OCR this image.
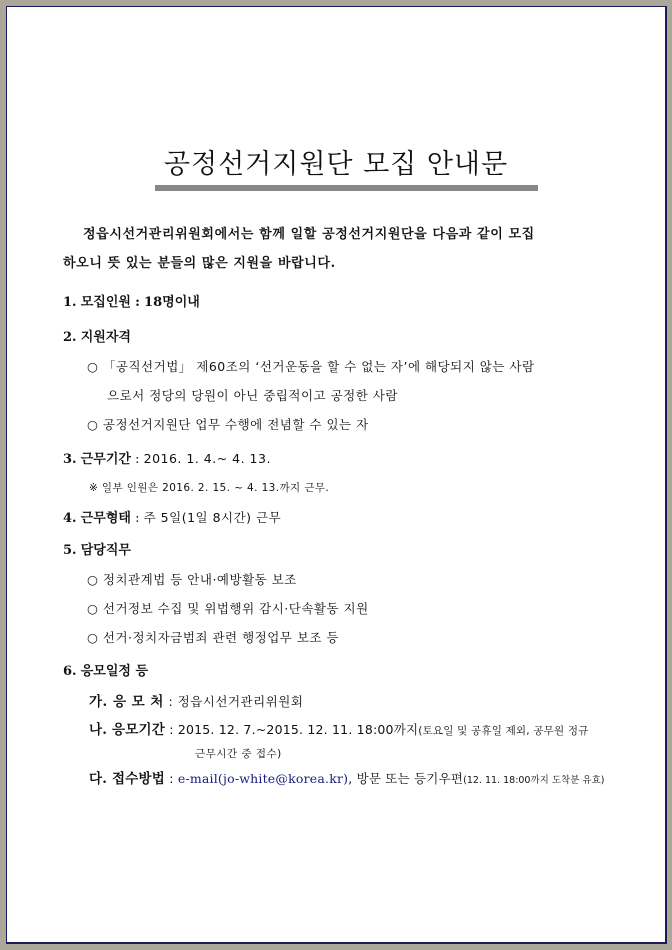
공정선거지원단 모집 안내문
정읍시선거관리위원회에서는 함께 일할 공정선거지원단을 다음과 같이 모집
하오니 뜻 있는 분들의 많은 지원을 바랍니다.
1. 모집인원 : 18명이내
2. 지원자격
○ 「공직선거법」 제60조의 ‘선거운동을 할 수 없는 자’에 해당되지 않는 사람
으로서 정당의 당원이 아닌 중립적이고 공정한 사람
○ 공정선거지원단 업무 수행에 전념할 수 있는 자
3. 근무기간 : 2016. 1. 4.~ 4. 13.
※ 일부 인원은 2016. 2. 15. ~ 4. 13.까지 근무.
4. 근무형태 : 주 5일(1일 8시간) 근무
5. 담당직무
○ 정치관계법 등 안내·예방활동 보조
○ 선거정보 수집 및 위법행위 감시·단속활동 지원
○ 선거·정치자금범죄 관련 행정업무 보조 등
6. 응모일정 등
가. 응 모 처 : 정읍시선거관리위원회
나. 응모기간 : 2015. 12. 7.~2015. 12. 11. 18:00까지(토요일 및 공휴일 제외, 공무원 정규
근무시간 중 접수)
다. 접수방법 : e-mail(jo-white@korea.kr), 방문 또는 등기우편(12. 11. 18:00까지 도착분 유효)
